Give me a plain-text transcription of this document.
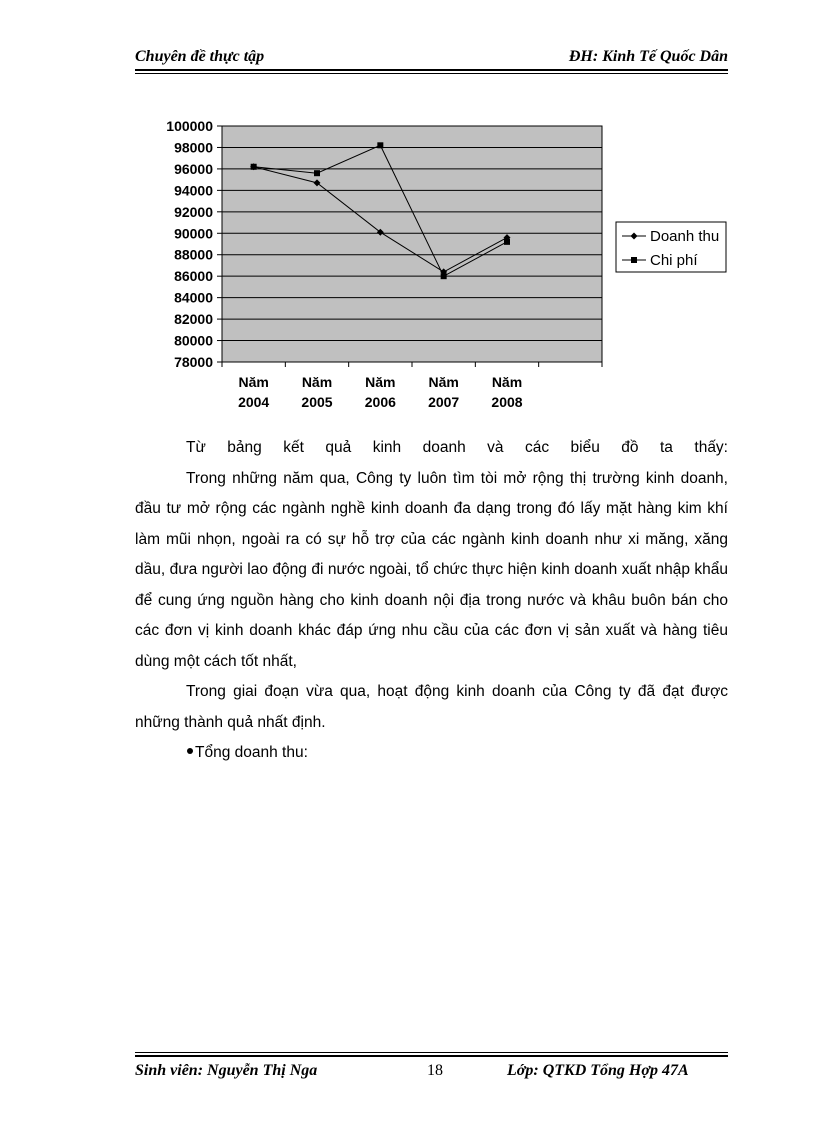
Chuyên đề thực tập	ĐH: Kinh Tế Quốc Dân
100000
98000
96000
94000
92000
90000
88000
86000
84000
82000
80000
78000
Năm
2004
Năm
2005
Năm
2006
Năm
2007
Năm
2008
Doanh thu
Chi phí

Từ bảng kết quả kinh doanh và các biểu đồ ta thấy:

Trong những năm qua, Công ty luôn tìm tòi mở rộng thị trường kinh doanh, đầu tư mở rộng các ngành nghề kinh doanh đa dạng trong đó lấy mặt hàng kim khí làm mũi nhọn, ngoài ra có sự hỗ trợ của các ngành kinh doanh như xi măng, xăng dầu, đưa người lao động đi nước ngoài, tổ chức thực hiện kinh doanh xuất nhập khẩu để cung ứng nguồn hàng cho kinh doanh nội địa trong nước và khâu buôn bán cho các đơn vị kinh doanh khác đáp ứng nhu cầu của các đơn vị sản xuất và hàng tiêu dùng một cách tốt nhất,

Trong giai đoạn vừa qua, hoạt động kinh doanh của Công ty đã đạt được những thành quả nhất định.

Tổng doanh thu:

Sinh viên: Nguyễn Thị Nga	18	Lớp: QTKD Tổng Hợp 47A
